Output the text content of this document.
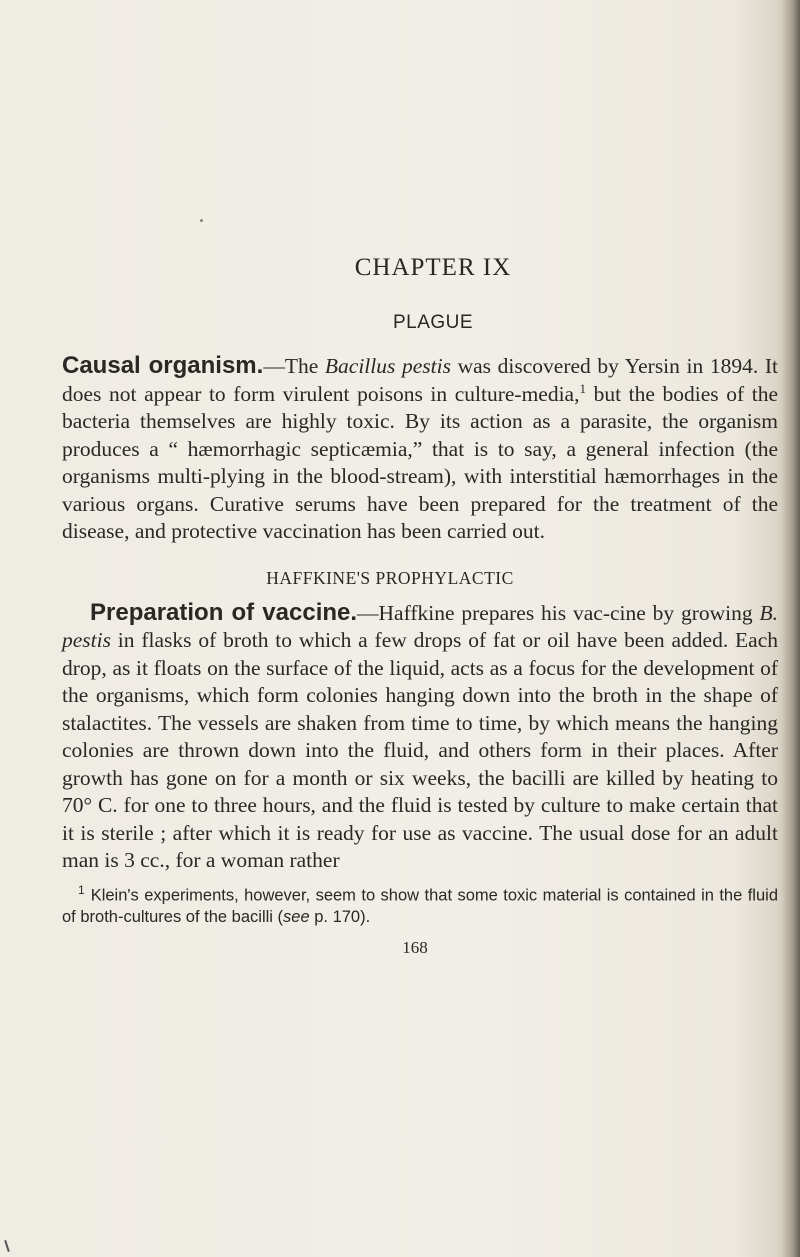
CHAPTER IX
PLAGUE

Causal organism.—The Bacillus pestis was discovered by Yersin in 1894. It does not appear to form virulent poisons in culture-media,$^1$ but the bodies of the bacteria themselves are highly toxic. By its action as a parasite, the organism produces a “ hæmorrhagic septicæmia,” that is to say, a general infection (the organisms multi-plying in the blood-stream), with interstitial hæmorrhages in the various organs. Curative serums have been prepared for the treatment of the disease, and protective vaccination has been carried out.

HAFFKINE'S PROPHYLACTIC

Preparation of vaccine.—Haffkine prepares his vac-cine by growing B. pestis in flasks of broth to which a few drops of fat or oil have been added. Each drop, as it floats on the surface of the liquid, acts as a focus for the development of the organisms, which form colonies hanging down into the broth in the shape of stalactites. The vessels are shaken from time to time, by which means the hanging colonies are thrown down into the fluid, and others form in their places. After growth has gone on for a month or six weeks, the bacilli are killed by heating to 70° C. for one to three hours, and the fluid is tested by culture to make certain that it is sterile ; after which it is ready for use as vaccine. The usual dose for an adult man is 3 cc., for a woman rather

$^1$ Klein's experiments, however, seem to show that some toxic material is contained in the fluid of broth-cultures of the bacilli (see p. 170).

168
